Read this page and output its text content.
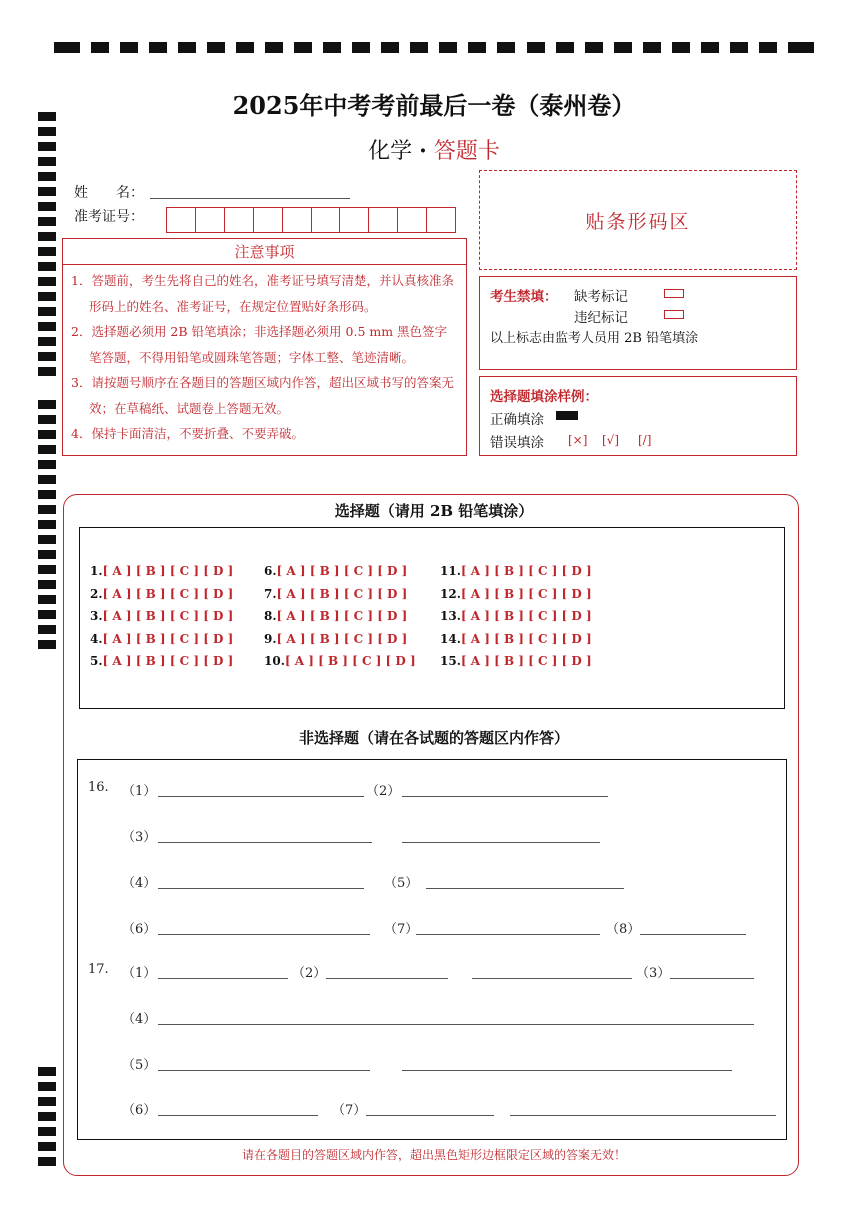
2025年中考考前最后一卷（泰州卷）
化学 · 答题卡
姓　　名：
准考证号：	贴条形码区
注意事项

1．答题前，考生先将自己的姓名，准考证号填写清楚，并认真核准条形码上的姓名、准考证号，在规定位置贴好条形码。

2．选择题必须用 2B 铅笔填涂；非选择题必须用 0.5 mm 黑色签字笔答题，不得用铅笔或圆珠笔答题；字体工整、笔迹清晰。

3．请按题号顺序在各题目的答题区域内作答，超出区域书写的答案无效；在草稿纸、试题卷上答题无效。

4．保持卡面清洁，不要折叠、不要弄破。

考生禁填： 缺考标记
违纪标记
以上标志由监考人员用 2B 铅笔填涂
选择题填涂样例：
正确填涂
错误填涂 [×] [√] [/]
选择题（请用 2B 铅笔填涂）
1.[ A ] [ B ] [ C ] [ D ]
2.[ A ] [ B ] [ C ] [ D ]
3.[ A ] [ B ] [ C ] [ D ]
4.[ A ] [ B ] [ C ] [ D ]
5.[ A ] [ B ] [ C ] [ D ]
6.[ A ] [ B ] [ C ] [ D ]
7.[ A ] [ B ] [ C ] [ D ]
8.[ A ] [ B ] [ C ] [ D ]
9.[ A ] [ B ] [ C ] [ D ]
10.[ A ] [ B ] [ C ] [ D ]
11.[ A ] [ B ] [ C ] [ D ]
12.[ A ] [ B ] [ C ] [ D ]
13.[ A ] [ B ] [ C ] [ D ]
14.[ A ] [ B ] [ C ] [ D ]
15.[ A ] [ B ] [ C ] [ D ]
非选择题（请在各试题的答题区内作答）
16.
17.
（1）	（2）
（3）
（4）	（5）
（6）	（7）	（8）
（1）	（2）	（3）
（4）
（5）
（6）	（7）
请在各题目的答题区域内作答，超出黑色矩形边框限定区域的答案无效！
